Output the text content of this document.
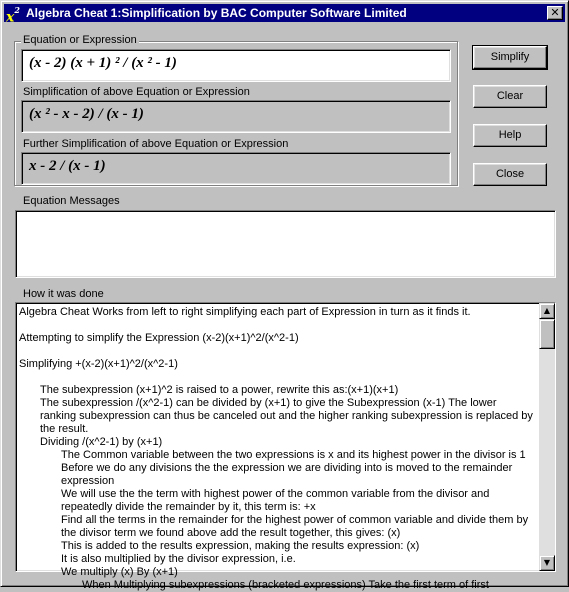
$x^2$ Algebra Cheat 1:Simplification by BAC Computer Software Limited	✕
Equation or Expression
(x - 2) (x + 1) ² / (x ² - 1)
Simplification of above Equation or Expression
(x ² - x - 2) / (x - 1)
Further Simplification of above Equation or Expression
x - 2 / (x - 1)
Simplify
Clear
Help
Close
Equation Messages
How it was done

Algebra Cheat Works from left to right simplifying each part of Expression in turn as it finds it.

Attempting to simplify the Expression (x-2)(x+1)^2/(x^2-1)

Simplifying +(x-2)(x+1)^2/(x^2-1)

The subexpression (x+1)^2 is raised to a power, rewrite this as:(x+1)(x+1)

The subexpression /(x^2-1) can be divided by (x+1) to give the Subexpression (x-1) The lower ranking subexpression can thus be canceled out and the higher ranking subexpression is replaced by the result.

Dividing /(x^2-1) by (x+1)

The Common variable between the two expressions is x and its highest power in the divisor is 1

Before we do any divisions the the expression we are dividing into is moved to the remainder expression

We will use the the term with highest power of the common variable from the divisor and repeatedly divide the remainder by it, this term is: +x

Find all the terms in the remainder for the highest power of common variable and divide them by the divisor term we found above add the result together, this gives: (x)

This is added to the results expression, making the results expression: (x)

It is also multiplied by the divisor expression, i.e.

We multiply (x) By (x+1)

When Multiplying subexpressions (bracketed expressions) Take the first term of first

▲
▼
